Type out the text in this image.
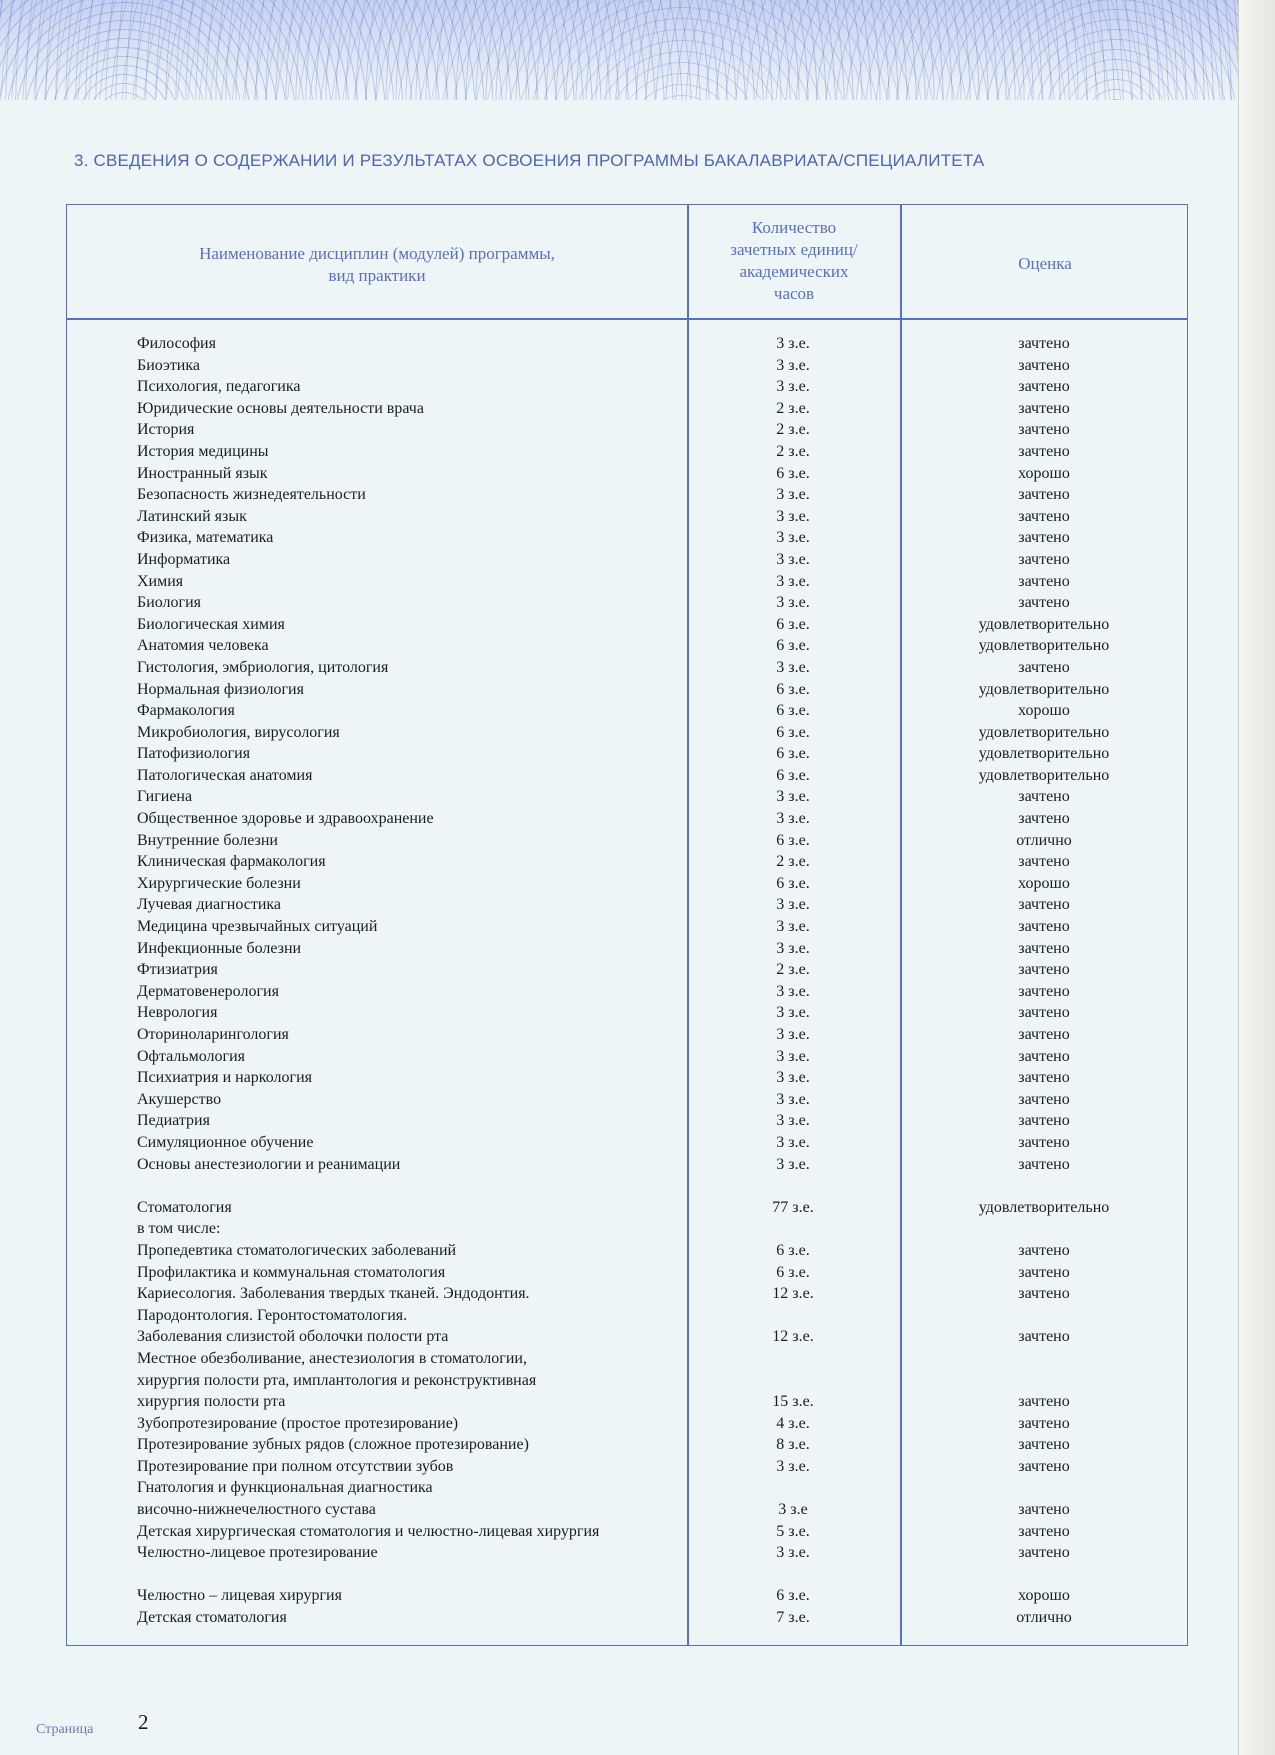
3. СВЕДЕНИЯ О СОДЕРЖАНИИ И РЕЗУЛЬТАТАХ ОСВОЕНИЯ ПРОГРАММЫ БАКАЛАВРИАТА/СПЕЦИАЛИТЕТА
Наименование дисциплин (модулей) программы,
вид практики
Количество
зачетных единиц/
академических
часов
Оценка
Философия	3 з.е.	зачтено
Биоэтика	3 з.е.	зачтено
Психология, педагогика	3 з.е.	зачтено
Юридические основы деятельности врача	2 з.е.	зачтено
История	2 з.е.	зачтено
История медицины	2 з.е.	зачтено
Иностранный язык	6 з.е.	хорошо
Безопасность жизнедеятельности	3 з.е.	зачтено
Латинский язык	3 з.е.	зачтено
Физика, математика	3 з.е.	зачтено
Информатика	3 з.е.	зачтено
Химия	3 з.е.	зачтено
Биология	3 з.е.	зачтено
Биологическая химия	6 з.е.	удовлетворительно
Анатомия человека	6 з.е.	удовлетворительно
Гистология, эмбриология, цитология	3 з.е.	зачтено
Нормальная физиология	6 з.е.	удовлетворительно
Фармакология	6 з.е.	хорошо
Микробиология, вирусология	6 з.е.	удовлетворительно
Патофизиология	6 з.е.	удовлетворительно
Патологическая анатомия	6 з.е.	удовлетворительно
Гигиена	3 з.е.	зачтено
Общественное здоровье и здравоохранение	3 з.е.	зачтено
Внутренние болезни	6 з.е.	отлично
Клиническая фармакология	2 з.е.	зачтено
Хирургические болезни	6 з.е.	хорошо
Лучевая диагностика	3 з.е.	зачтено
Медицина чрезвычайных ситуаций	3 з.е.	зачтено
Инфекционные болезни	3 з.е.	зачтено
Фтизиатрия	2 з.е.	зачтено
Дерматовенерология	3 з.е.	зачтено
Неврология	3 з.е.	зачтено
Оториноларингология	3 з.е.	зачтено
Офтальмология	3 з.е.	зачтено
Психиатрия и наркология	3 з.е.	зачтено
Акушерство	3 з.е.	зачтено
Педиатрия	3 з.е.	зачтено
Симуляционное обучение	3 з.е.	зачтено
Основы анестезиологии и реанимации	3 з.е.	зачтено
Стоматология	77 з.е.	удовлетворительно
в том числе:
Пропедевтика стоматологических заболеваний	6 з.е.	зачтено
Профилактика и коммунальная стоматология	6 з.е.	зачтено
Кариесология. Заболевания твердых тканей. Эндодонтия.	12 з.е.	зачтено
Пародонтология. Геронтостоматология.
Заболевания слизистой оболочки полости рта	12 з.е.	зачтено
Местное обезболивание, анестезиология в стоматологии,
хирургия полости рта, имплантология и реконструктивная
хирургия полости рта	15 з.е.	зачтено
Зубопротезирование (простое протезирование)	4 з.е.	зачтено
Протезирование зубных рядов (сложное протезирование)	8 з.е.	зачтено
Протезирование при полном отсутствии зубов	3 з.е.	зачтено
Гнатология и функциональная диагностика
височно-нижнечелюстного сустава	3 з.е	зачтено
Детская хирургическая стоматология и челюстно-лицевая хирургия	5 з.е.	зачтено
Челюстно-лицевое протезирование	3 з.е.	зачтено
Челюстно – лицевая хирургия	6 з.е.	хорошо
Детская стоматология	7 з.е.	отлично
Страница 2
